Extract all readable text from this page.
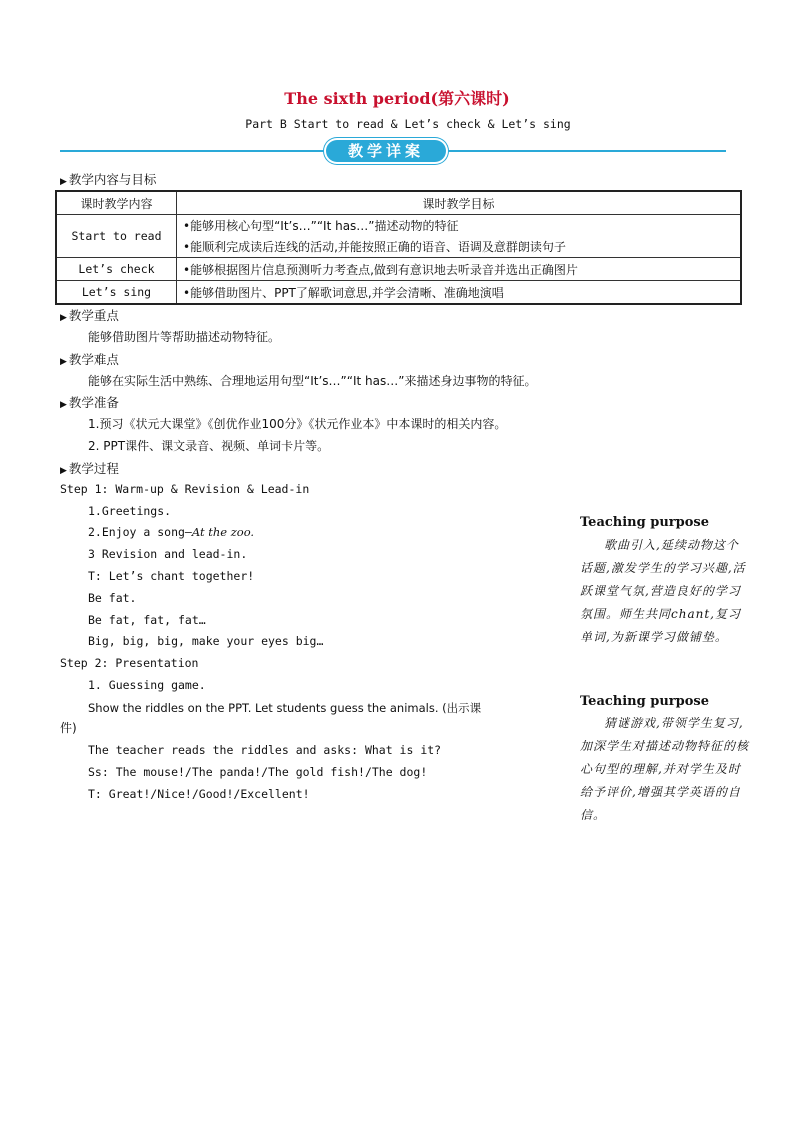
The sixth period(第六课时)
Part B Start to read & Let’s check & Let’s sing
教学详案
▶ 教学内容与目标
课时教学内容	课时教学目标
Start to read	•能够用核心句型“It’s…”“It has…”描述动物的特征
•能顺利完成读后连线的活动,并能按照正确的语音、语调及意群朗读句子

Let’s check	•能够根据图片信息预测听力考查点,做到有意识地去听录音并选出正确图片
Let’s sing	•能够借助图片、PPT了解歌词意思,并学会清晰、准确地演唱
▶ 教学重点
能够借助图片等帮助描述动物特征。
▶ 教学难点
能够在实际生活中熟练、合理地运用句型“It’s…”“It has…”来描述身边事物的特征。
▶ 教学准备
1.预习《状元大课堂》《创优作业100分》《状元作业本》中本课时的相关内容。
2. PPT课件、课文录音、视频、单词卡片等。
▶ 教学过程
Step 1: Warm-up & Revision & Lead-in
1.Greetings.
2.Enjoy a song—At the zoo.
3 Revision and lead-in.
T: Let’s chant together!
Be fat.
Be fat, fat, fat…
Big, big, big, make your eyes big…
Step 2: Presentation
1. Guessing game.
Show the riddles on the PPT. Let students guess the animals. (出示课
件)
The teacher reads the riddles and asks: What is it?
Ss: The mouse!/The panda!/The gold fish!/The dog!
T: Great!/Nice!/Good!/Excellent!
Teaching purpose
歌曲引入,延续动物这个话题,激发学生的学习兴趣,活跃课堂气氛,营造良好的学习氛围。师生共同chant,复习单词,为新课学习做铺垫。
Teaching purpose
猜谜游戏,带领学生复习,加深学生对描述动物特征的核心句型的理解,并对学生及时给予评价,增强其学英语的自信。
